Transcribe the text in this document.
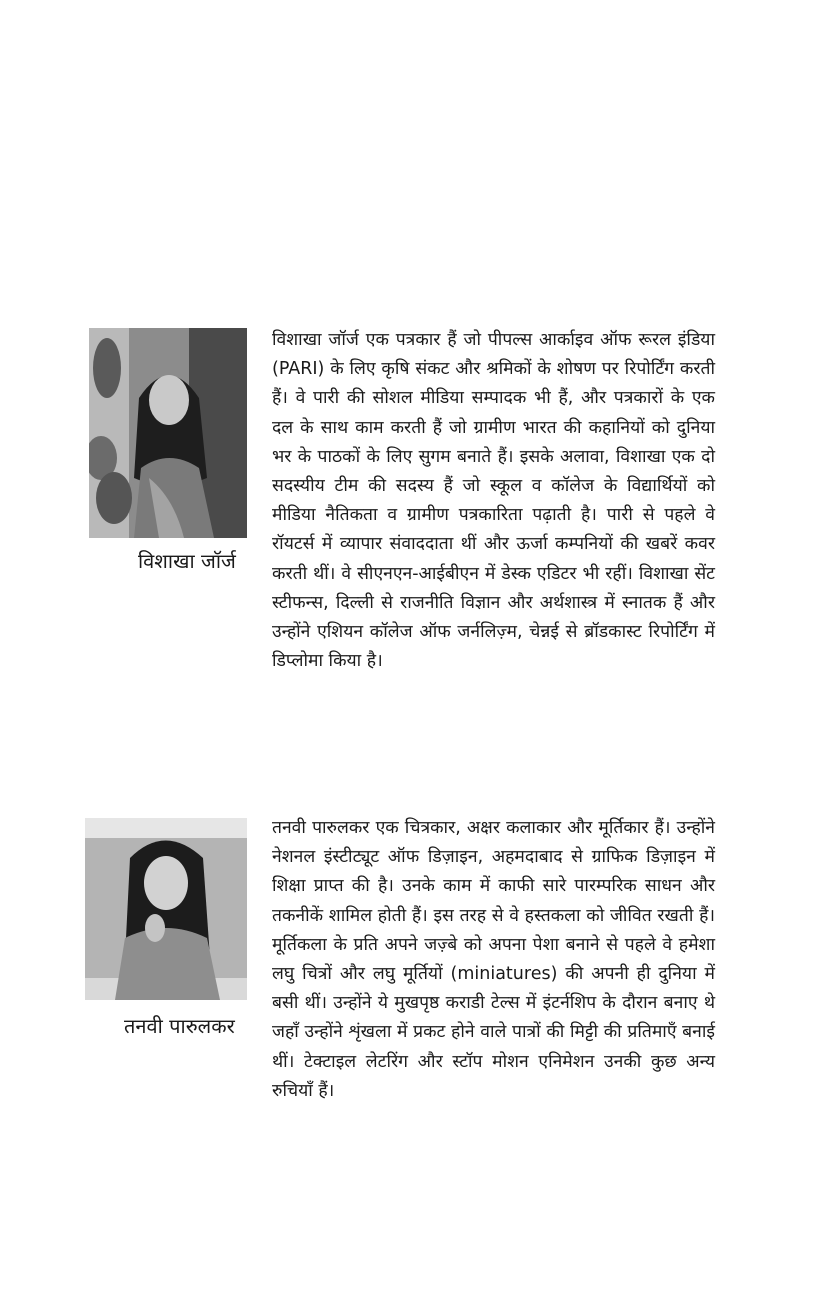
विशाखा जॉर्ज

विशाखा जॉर्ज एक पत्रकार हैं जो पीपल्स आर्काइव ऑफ रूरल इंडिया (PARI) के लिए कृषि संकट और श्रमिकों के शोषण पर रिपोर्टिंग करती हैं। वे पारी की सोशल मीडिया सम्पादक भी हैं, और पत्रकारों के एक दल के साथ काम करती हैं जो ग्रामीण भारत की कहानियों को दुनिया भर के पाठकों के लिए सुगम बनाते हैं। इसके अलावा, विशाखा एक दो सदस्यीय टीम की सदस्य हैं जो स्कूल व कॉलेज के विद्यार्थियों को मीडिया नैतिकता व ग्रामीण पत्रकारिता पढ़ाती है। पारी से पहले वे रॉयटर्स में व्यापार संवाददाता थीं और ऊर्जा कम्पनियों की खबरें कवर करती थीं। वे सीएनएन-आईबीएन में डेस्क एडिटर भी रहीं। विशाखा सेंट स्टीफन्स, दिल्ली से राजनीति विज्ञान और अर्थशास्त्र में स्नातक हैं और उन्होंने एशियन कॉलेज ऑफ जर्नलिज़्म, चेन्नई से ब्रॉडकास्ट रिपोर्टिंग में डिप्लोमा किया है।

तनवी पारुलकर

तनवी पारुलकर एक चित्रकार, अक्षर कलाकार और मूर्तिकार हैं। उन्होंने नेशनल इंस्टीट्यूट ऑफ डिज़ाइन, अहमदाबाद से ग्राफिक डिज़ाइन में शिक्षा प्राप्त की है। उनके काम में काफी सारे पारम्परिक साधन और तकनीकें शामिल होती हैं। इस तरह से वे हस्तकला को जीवित रखती हैं। मूर्तिकला के प्रति अपने जज़्बे को अपना पेशा बनाने से पहले वे हमेशा लघु चित्रों और लघु मूर्तियों (miniatures) की अपनी ही दुनिया में बसी थीं। उन्होंने ये मुखपृष्ठ कराडी टेल्स में इंटर्नशिप के दौरान बनाए थे जहाँ उन्होंने शृंखला में प्रकट होने वाले पात्रों की मिट्टी की प्रतिमाएँ बनाई थीं। टेक्टाइल लेटरिंग और स्टॉप मोशन एनिमेशन उनकी कुछ अन्य रुचियाँ हैं।
